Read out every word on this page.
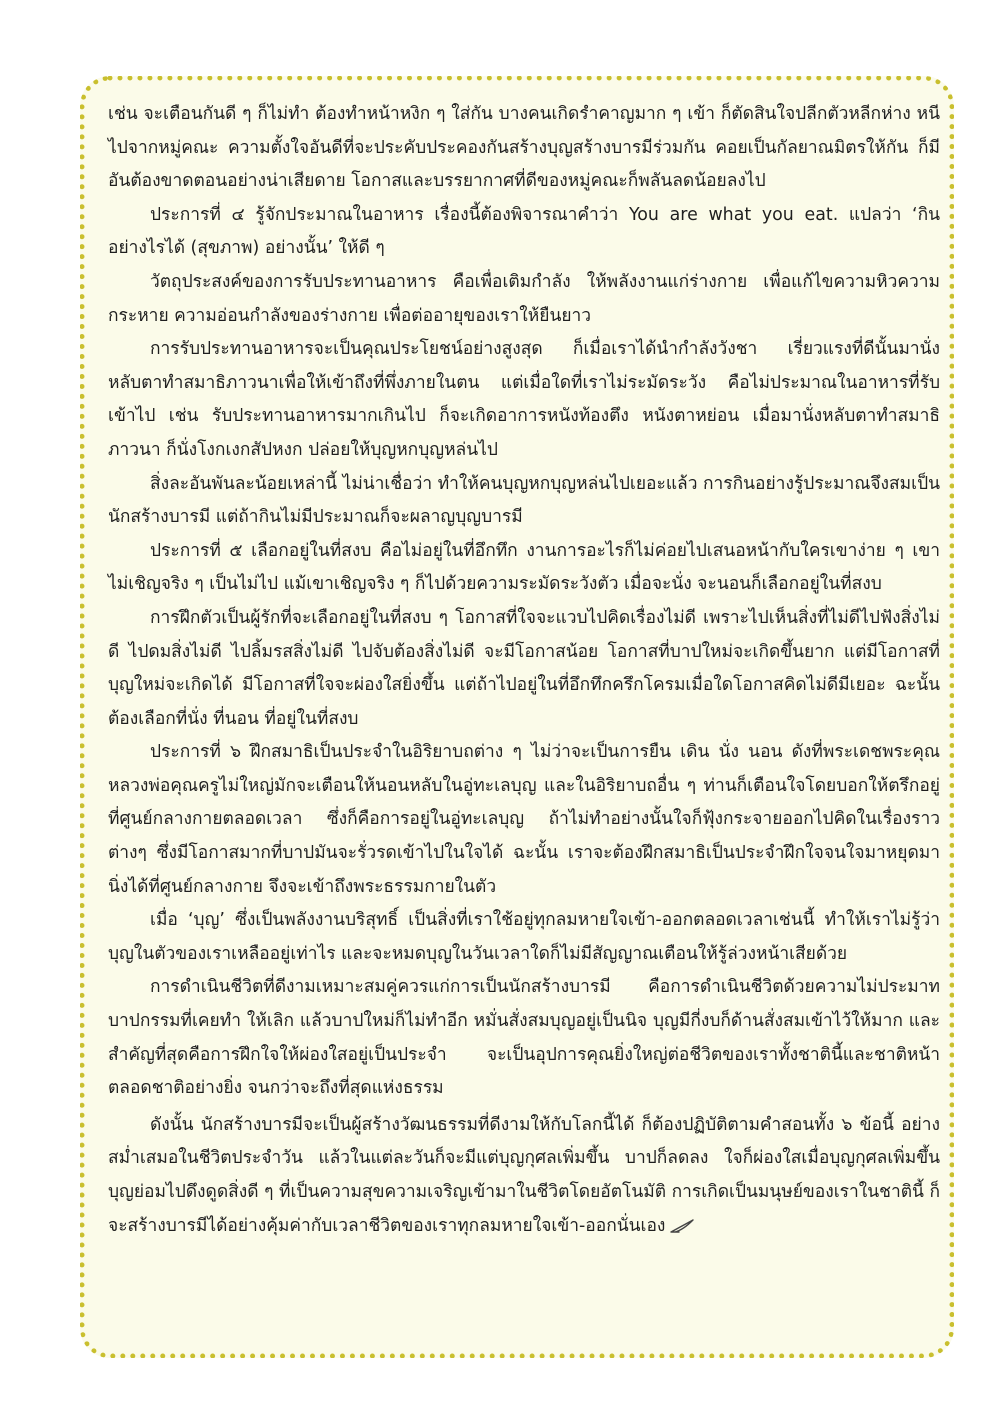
เช่น จะเตือนกันดี ๆ ก็ไม่ทำ ต้องทำหน้าหงิก ๆ ใส่กัน บางคนเกิดรำคาญมาก ๆ เข้า ก็ตัดสินใจปลีกตัวหลีกห่าง หนีไปจากหมู่คณะ ความตั้งใจอันดีที่จะประคับประคองกันสร้างบุญสร้างบารมีร่วมกัน คอยเป็นกัลยาณมิตรให้กัน ก็มีอันต้องขาดตอนอย่างน่าเสียดาย โอกาสและบรรยากาศที่ดีของหมู่คณะก็พลันลดน้อยลงไป

ประการที่ ๔ รู้จักประมาณในอาหาร เรื่องนี้ต้องพิจารณาคำว่า You are what you eat. แปลว่า ‘กินอย่างไรได้ (สุขภาพ) อย่างนั้น’ ให้ดี ๆ

วัตถุประสงค์ของการรับประทานอาหาร คือเพื่อเติมกำลัง ให้พลังงานแก่ร่างกาย เพื่อแก้ไขความหิวความกระหาย ความอ่อนกำลังของร่างกาย เพื่อต่ออายุของเราให้ยืนยาว

การรับประทานอาหารจะเป็นคุณประโยชน์อย่างสูงสุด ก็เมื่อเราได้นำกำลังวังชา เรี่ยวแรงที่ดีนั้นมานั่งหลับตาทำสมาธิภาวนาเพื่อให้เข้าถึงที่พึ่งภายในตน แต่เมื่อใดที่เราไม่ระมัดระวัง คือไม่ประมาณในอาหารที่รับเข้าไป เช่น รับประทานอาหารมากเกินไป ก็จะเกิดอาการหนังท้องตึง หนังตาหย่อน เมื่อมานั่งหลับตาทำสมาธิภาวนา ก็นั่งโงกเงกสัปหงก ปล่อยให้บุญหกบุญหล่นไป

สิ่งละอันพันละน้อยเหล่านี้ ไม่น่าเชื่อว่า ทำให้คนบุญหกบุญหล่นไปเยอะแล้ว การกินอย่างรู้ประมาณจึงสมเป็นนักสร้างบารมี แต่ถ้ากินไม่มีประมาณก็จะผลาญบุญบารมี

ประการที่ ๕ เลือกอยู่ในที่สงบ คือไม่อยู่ในที่อึกทึก งานการอะไรก็ไม่ค่อยไปเสนอหน้ากับใครเขาง่าย ๆ เขาไม่เชิญจริง ๆ เป็นไม่ไป แม้เขาเชิญจริง ๆ ก็ไปด้วยความระมัดระวังตัว เมื่อจะนั่ง จะนอนก็เลือกอยู่ในที่สงบ

การฝึกตัวเป็นผู้รักที่จะเลือกอยู่ในที่สงบ ๆ โอกาสที่ใจจะแวบไปคิดเรื่องไม่ดี เพราะไปเห็นสิ่งที่ไม่ดีไปฟังสิ่งไม่ดี ไปดมสิ่งไม่ดี ไปลิ้มรสสิ่งไม่ดี ไปจับต้องสิ่งไม่ดี จะมีโอกาสน้อย โอกาสที่บาปใหม่จะเกิดขึ้นยาก แต่มีโอกาสที่บุญใหม่จะเกิดได้ มีโอกาสที่ใจจะผ่องใสยิ่งขึ้น แต่ถ้าไปอยู่ในที่อึกทึกครึกโครมเมื่อใดโอกาสคิดไม่ดีมีเยอะ ฉะนั้น ต้องเลือกที่นั่ง ที่นอน ที่อยู่ในที่สงบ

ประการที่ ๖ ฝึกสมาธิเป็นประจำในอิริยาบถต่าง ๆ ไม่ว่าจะเป็นการยืน เดิน นั่ง นอน ดังที่พระเดชพระคุณหลวงพ่อคุณครูไม่ใหญ่มักจะเตือนให้นอนหลับในอู่ทะเลบุญ และในอิริยาบถอื่น ๆ ท่านก็เตือนใจโดยบอกให้ตรึกอยู่ที่ศูนย์กลางกายตลอดเวลา ซึ่งก็คือการอยู่ในอู่ทะเลบุญ ถ้าไม่ทำอย่างนั้นใจก็ฟุ้งกระจายออกไปคิดในเรื่องราวต่างๆ ซึ่งมีโอกาสมากที่บาปมันจะรั่วรดเข้าไปในใจได้ ฉะนั้น เราจะต้องฝึกสมาธิเป็นประจำฝึกใจจนใจมาหยุดมานิ่งได้ที่ศูนย์กลางกาย จึงจะเข้าถึงพระธรรมกายในตัว

เมื่อ ‘บุญ’ ซึ่งเป็นพลังงานบริสุทธิ์ เป็นสิ่งที่เราใช้อยู่ทุกลมหายใจเข้า-ออกตลอดเวลาเช่นนี้ ทำให้เราไม่รู้ว่า บุญในตัวของเราเหลืออยู่เท่าไร และจะหมดบุญในวันเวลาใดก็ไม่มีสัญญาณเตือนให้รู้ล่วงหน้าเสียด้วย

การดำเนินชีวิตที่ดีงามเหมาะสมคู่ควรแก่การเป็นนักสร้างบารมี คือการดำเนินชีวิตด้วยความไม่ประมาทบาปกรรมที่เคยทำ ให้เลิก แล้วบาปใหม่ก็ไม่ทำอีก หมั่นสั่งสมบุญอยู่เป็นนิจ บุญมีกี่งบก็ด้านสั่งสมเข้าไว้ให้มาก และสำคัญที่สุดคือการฝึกใจให้ผ่องใสอยู่เป็นประจำ จะเป็นอุปการคุณยิ่งใหญ่ต่อชีวิตของเราทั้งชาตินี้และชาติหน้า ตลอดชาติอย่างยิ่ง จนกว่าจะถึงที่สุดแห่งธรรม

ดังนั้น นักสร้างบารมีจะเป็นผู้สร้างวัฒนธรรมที่ดีงามให้กับโลกนี้ได้ ก็ต้องปฏิบัติตามคำสอนทั้ง ๖ ข้อนี้ อย่างสม่ำเสมอในชีวิตประจำวัน แล้วในแต่ละวันก็จะมีแต่บุญกุศลเพิ่มขึ้น บาปก็ลดลง ใจก็ผ่องใสเมื่อบุญกุศลเพิ่มขึ้น บุญย่อมไปดึงดูดสิ่งดี ๆ ที่เป็นความสุขความเจริญเข้ามาในชีวิตโดยอัตโนมัติ การเกิดเป็นมนุษย์ของเราในชาตินี้ ก็จะสร้างบารมีได้อย่างคุ้มค่ากับเวลาชีวิตของเราทุกลมหายใจเข้า-ออกนั่นเอง
